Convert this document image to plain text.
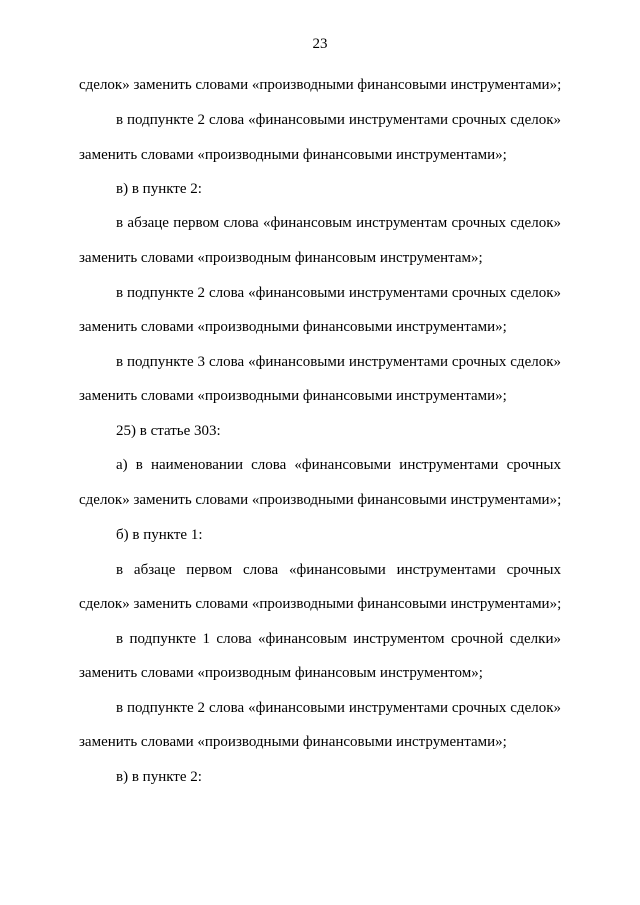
23
сделок» заменить словами «производными финансовыми инструментами»;
в подпункте 2 слова «финансовыми инструментами срочных сделок»
заменить словами «производными финансовыми инструментами»;
в) в пункте 2:
в абзаце первом слова «финансовым инструментам срочных сделок»
заменить словами «производным финансовым инструментам»;
в подпункте 2 слова «финансовыми инструментами срочных сделок»
заменить словами «производными финансовыми инструментами»;
в подпункте 3 слова «финансовыми инструментами срочных сделок»
заменить словами «производными финансовыми инструментами»;
25) в статье 303:
а) в наименовании слова «финансовыми инструментами срочных
сделок» заменить словами «производными финансовыми инструментами»;
б) в пункте 1:
в абзаце первом слова «финансовыми инструментами срочных
сделок» заменить словами «производными финансовыми инструментами»;
в подпункте 1 слова «финансовым инструментом срочной сделки»
заменить словами «производным финансовым инструментом»;
в подпункте 2 слова «финансовыми инструментами срочных сделок»
заменить словами «производными финансовыми инструментами»;
в) в пункте 2:
